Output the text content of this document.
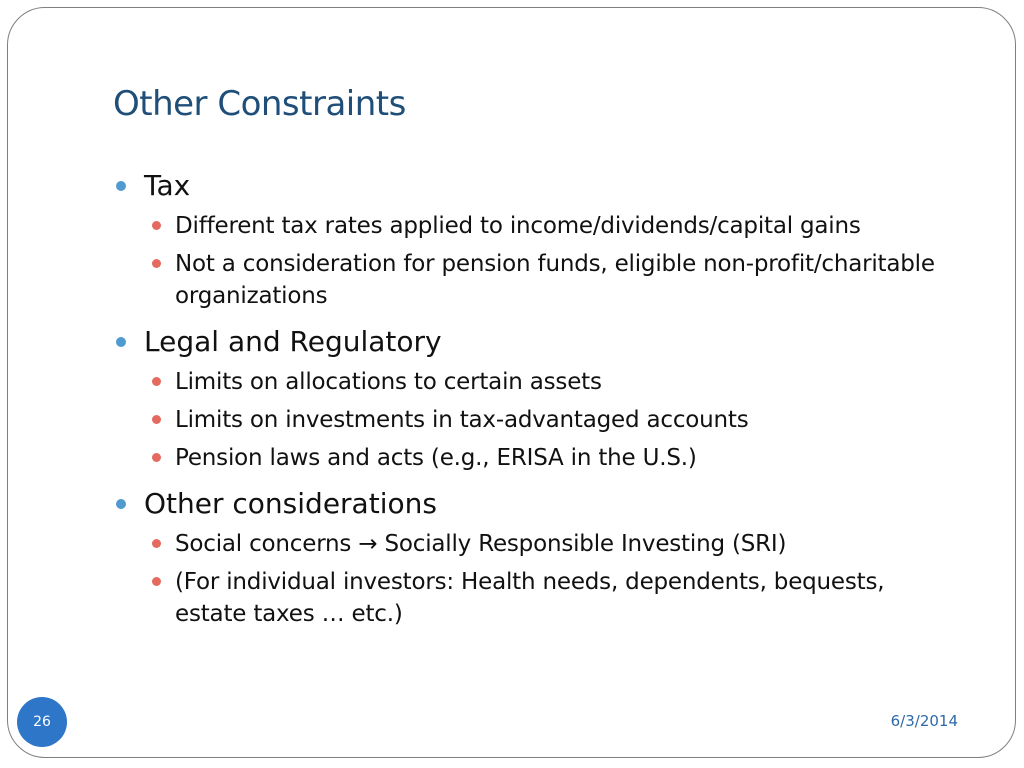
Other Constraints
Tax
Different tax rates applied to income/dividends/capital gains
Not a consideration for pension funds, eligible non-profit/charitable organizations
Legal and Regulatory
Limits on allocations to certain assets
Limits on investments in tax-advantaged accounts
Pension laws and acts (e.g., ERISA in the U.S.)
Other considerations
Social concerns → Socially Responsible Investing (SRI)
(For individual investors: Health needs, dependents, bequests, estate taxes … etc.)
26	6/3/2014
